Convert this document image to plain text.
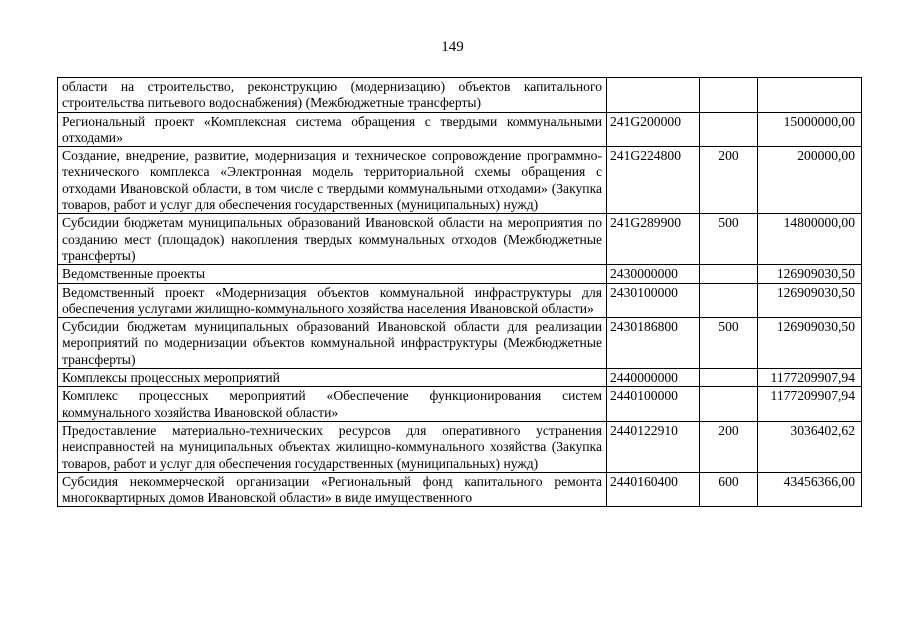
149
области на строительство, реконструкцию (модернизацию) объектов капитального строительства питьевого водоснабжения) (Межбюджетные трансферты)			
Региональный проект «Комплексная система обращения с твердыми коммунальными отходами»	241G200000		15000000,00
Создание, внедрение, развитие, модернизация и техническое сопровождение программно-технического комплекса «Электронная модель территориальной схемы обращения с отходами Ивановской области, в том числе с твердыми коммунальными отходами» (Закупка товаров, работ и услуг для обеспечения государственных (муниципальных) нужд)	241G224800	200	200000,00
Субсидии бюджетам муниципальных образований Ивановской области на мероприятия по созданию мест (площадок) накопления твердых коммунальных отходов (Межбюджетные трансферты)	241G289900	500	14800000,00
Ведомственные проекты	2430000000		126909030,50
Ведомственный проект «Модернизация объектов коммунальной инфраструктуры для обеспечения услугами жилищно-коммунального хозяйства населения Ивановской области»	2430100000		126909030,50
Субсидии бюджетам муниципальных образований Ивановской области для реализации мероприятий по модернизации объектов коммунальной инфраструктуры (Межбюджетные трансферты)	2430186800	500	126909030,50
Комплексы процессных мероприятий	2440000000		1177209907,94
Комплекс процессных мероприятий «Обеспечение функционирования систем коммунального хозяйства Ивановской области»	2440100000		1177209907,94
Предоставление материально-технических ресурсов для оперативного устранения неисправностей на муниципальных объектах жилищно-коммунального хозяйства (Закупка товаров, работ и услуг для обеспечения государственных (муниципальных) нужд)	2440122910	200	3036402,62
Субсидия некоммерческой организации «Региональный фонд капитального ремонта многоквартирных домов Ивановской области» в виде имущественного	2440160400	600	43456366,00
